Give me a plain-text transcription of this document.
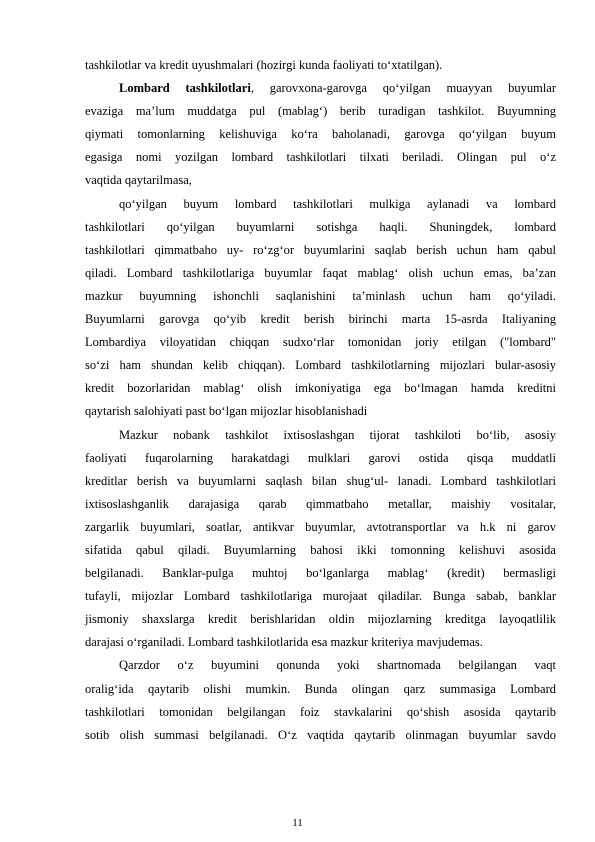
tashkilotlar va kredit uyushmalari (hozirgi kunda faoliyati to‘xtatilgan).
Lombard tashkilotlari, garovxona-garovga qo‘yilgan muayyan buyumlar
evaziga ma’lum muddatga pul (mablag‘) berib turadigan tashkilot. Buyumning
qiymati tomonlarning kelishuviga ko‘ra baholanadi, garovga qo‘yilgan buyum
egasiga nomi yozilgan lombard tashkilotlari tilxati beriladi. Olingan pul o‘z
vaqtida qaytarilmasa,
qo‘yilgan buyum lombard tashkilotlari mulkiga aylanadi va lombard
tashkilotlari qo‘yilgan buyumlarni sotishga haqli. Shuningdek, lombard
tashkilotlari qimmatbaho uy- ro‘zg‘or buyumlarini saqlab berish uchun ham qabul
qiladi. Lombard tashkilotlariga buyumlar faqat mablag‘ olish uchun emas, ba’zan
mazkur buyumning ishonchli saqlanishini ta’minlash uchun ham qo‘yiladi.
Buyumlarni garovga qo‘yib kredit berish birinchi marta 15-asrda Italiyaning
Lombardiya viloyatidan chiqqan sudxo‘rlar tomonidan joriy etilgan ("lombard"
so‘zi ham shundan kelib chiqqan). Lombard tashkilotlarning mijozlari bular-asosiy
kredit bozorlaridan mablag‘ olish imkoniyatiga ega bo‘lmagan hamda kreditni
qaytarish salohiyati past bo‘lgan mijozlar hisoblanishadi
Mazkur nobank tashkilot ixtisoslashgan tijorat tashkiloti bo‘lib, asosiy
faoliyati fuqarolarning harakatdagi mulklari garovi ostida qisqa muddatli
kreditlar berish va buyumlarni saqlash bilan shug‘ul- lanadi. Lombard tashkilotlari
ixtisoslashganlik darajasiga qarab qimmatbaho metallar, maishiy vositalar,
zargarlik buyumlari, soatlar, antikvar buyumlar, avtotransportlar va h.k ni garov
sifatida qabul qiladi. Buyumlarning bahosi ikki tomonning kelishuvi asosida
belgilanadi. Banklar-pulga muhtoj bo‘lganlarga mablag‘ (kredit) bermasligi
tufayli, mijozlar Lombard tashkilotlariga murojaat qiladilar. Bunga sabab, banklar
jismoniy shaxslarga kredit berishlaridan oldin mijozlarning kreditga layoqatlilik
darajasi o‘rganiladi. Lombard tashkilotlarida esa mazkur kriteriya mavjudemas.
Qarzdor o‘z buyumini qonunda yoki shartnomada belgilangan vaqt
oralig‘ida qaytarib olishi mumkin. Bunda olingan qarz summasiga Lombard
tashkilotlari tomonidan belgilangan foiz stavkalarini qo‘shish asosida qaytarib
sotib olish summasi belgilanadi. O‘z vaqtida qaytarib olinmagan buyumlar savdo
11
